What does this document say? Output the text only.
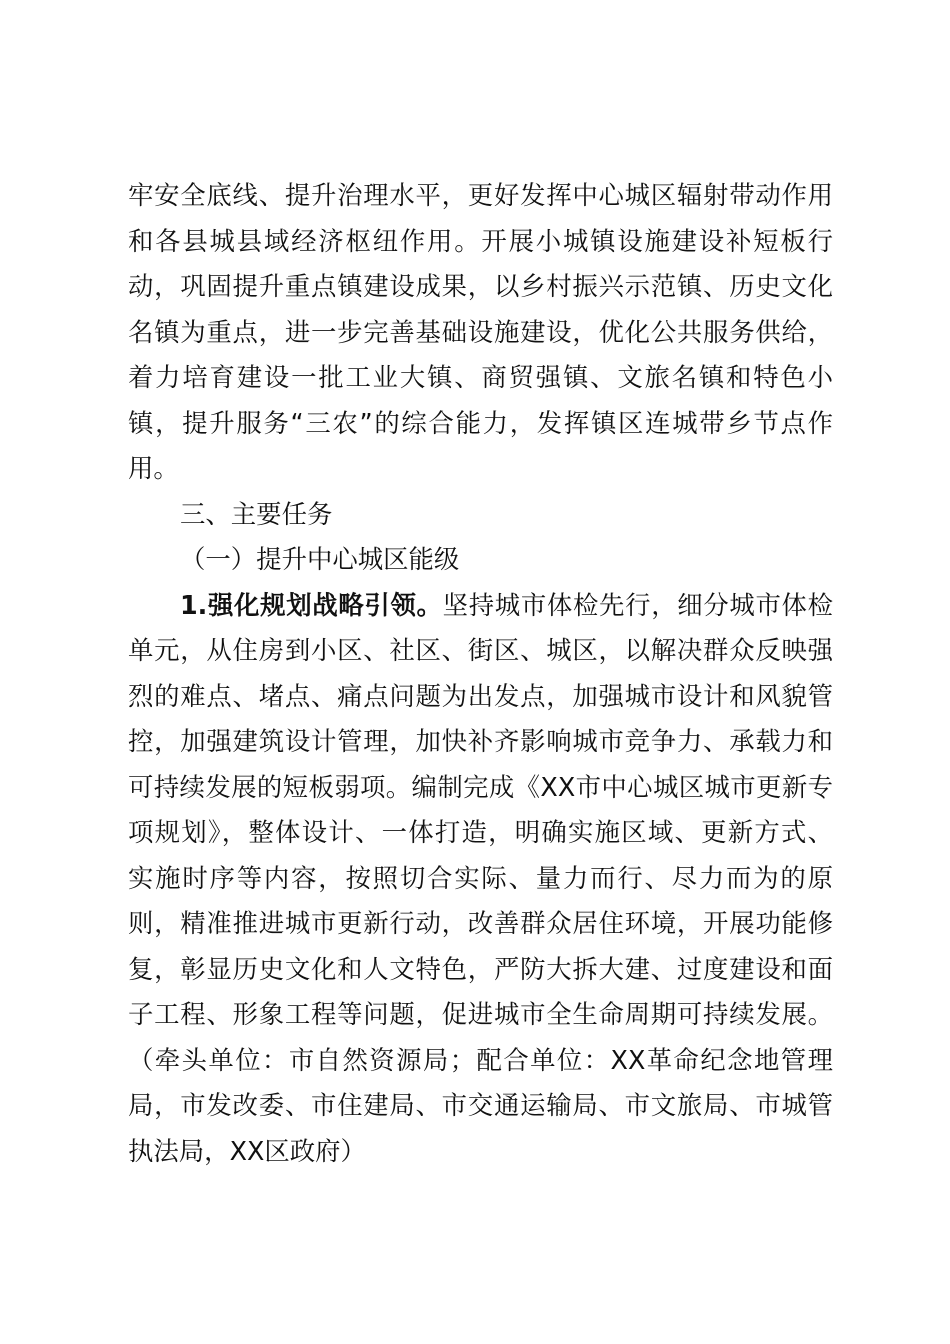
牢安全底线、提升治理水平，更好发挥中心城区辐射带动作用
和各县城县域经济枢纽作用。开展小城镇设施建设补短板行
动，巩固提升重点镇建设成果，以乡村振兴示范镇、历史文化
名镇为重点，进一步完善基础设施建设，优化公共服务供给，
着力培育建设一批工业大镇、商贸强镇、文旅名镇和特色小
镇，提升服务“三农”的综合能力，发挥镇区连城带乡节点作
用。
三、主要任务
（一）提升中心城区能级
1.强化规划战略引领。坚持城市体检先行，细分城市体检
单元，从住房到小区、社区、街区、城区，以解决群众反映强
烈的难点、堵点、痛点问题为出发点，加强城市设计和风貌管
控，加强建筑设计管理，加快补齐影响城市竞争力、承载力和
可持续发展的短板弱项。编制完成《XX市中心城区城市更新专
项规划》，整体设计、一体打造，明确实施区域、更新方式、
实施时序等内容，按照切合实际、量力而行、尽力而为的原
则，精准推进城市更新行动，改善群众居住环境，开展功能修
复，彰显历史文化和人文特色，严防大拆大建、过度建设和面
子工程、形象工程等问题，促进城市全生命周期可持续发展。
（牵头单位：市自然资源局；配合单位：XX革命纪念地管理
局，市发改委、市住建局、市交通运输局、市文旅局、市城管
执法局，XX区政府）
